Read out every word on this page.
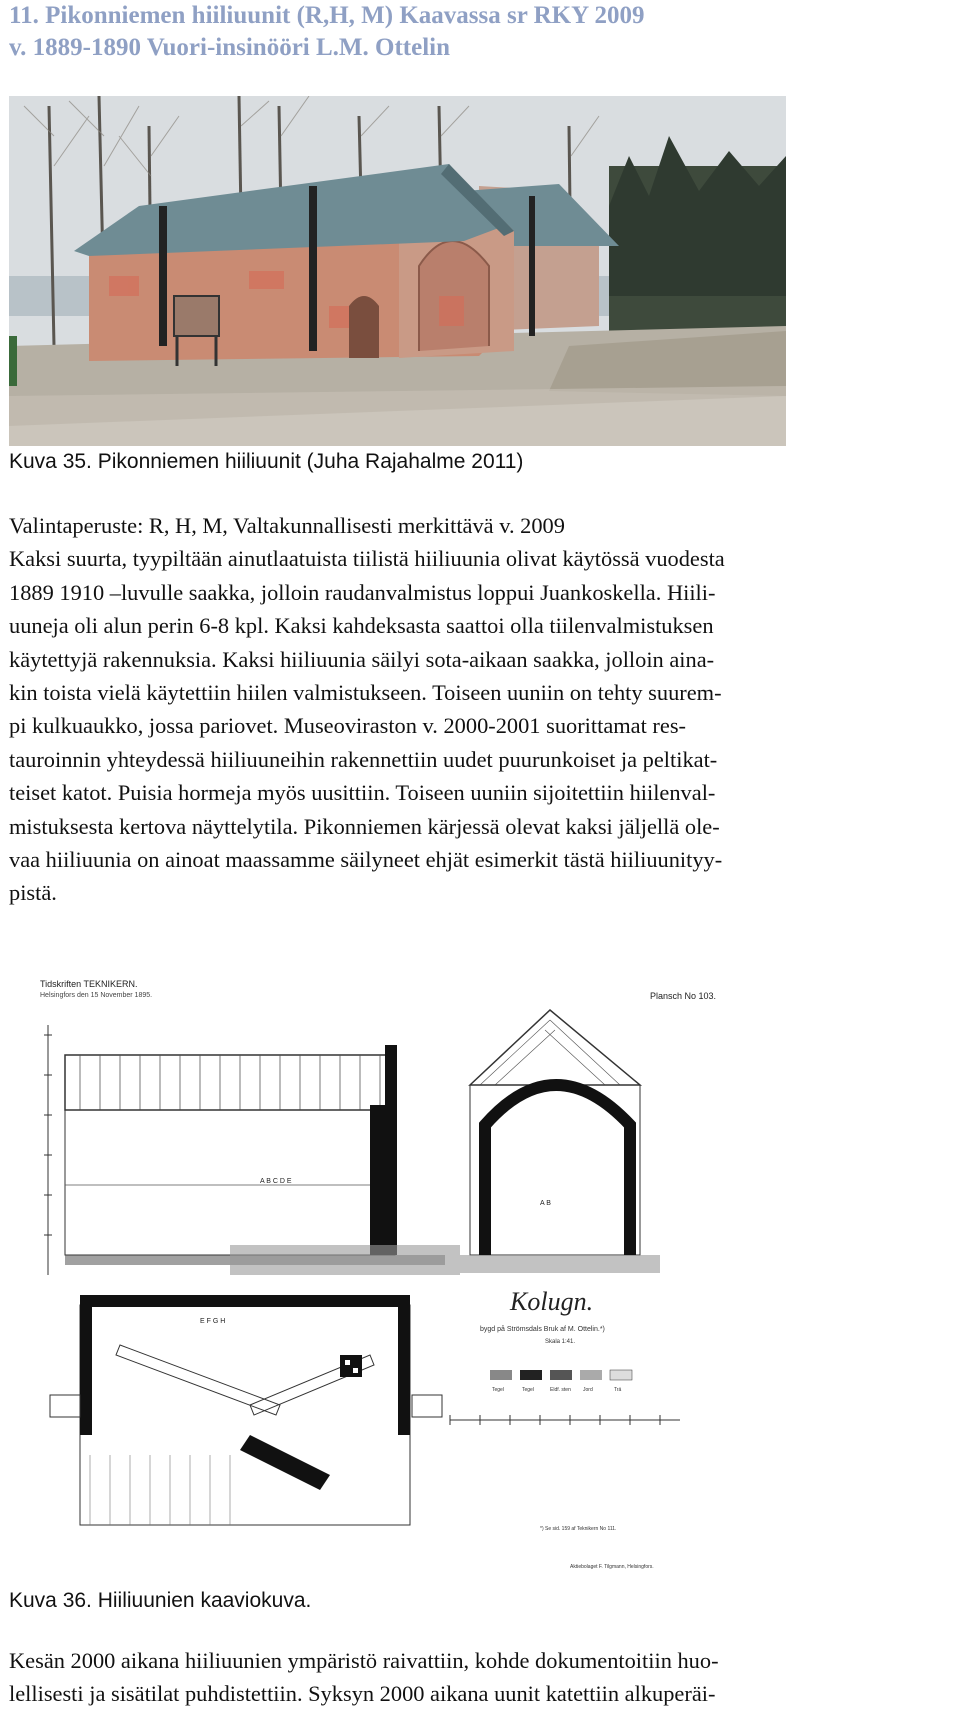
11. Pikonniemen hiiliuunit (R,H, M) Kaavassa sr RKY 2009
v. 1889-1890 Vuori-insinööri L.M. Ottelin
Kuva 35. Pikonniemen hiiliuunit (Juha Rajahalme 2011)
Valintaperuste: R, H, M, Valtakunnallisesti merkittävä v. 2009
Kaksi suurta, tyypiltään ainutlaatuista tiilistä hiiliuunia olivat käytössä vuodesta
1889 1910 –luvulle saakka, jolloin raudanvalmistus loppui Juankoskella. Hiili-
uuneja oli alun perin 6-8 kpl. Kaksi kahdeksasta saattoi olla tiilenvalmistuksen
käytettyjä rakennuksia. Kaksi hiiliuunia säilyi sota-aikaan saakka, jolloin aina-
kin toista vielä käytettiin hiilen valmistukseen. Toiseen uuniin on tehty suurem-
pi kulkuaukko, jossa pariovet. Museoviraston v. 2000-2001 suorittamat res-
tauroinnin yhteydessä hiiliuuneihin rakennettiin uudet puurunkoiset ja peltikat-
teiset katot. Puisia hormeja myös uusittiin. Toiseen uuniin sijoitettiin hiilenval-
mistuksesta kertova näyttelytila. Pikonniemen kärjessä olevat kaksi jäljellä ole-
vaa hiiliuunia on ainoat maassamme säilyneet ehjät esimerkit tästä hiiliuunityy-
pistä.
Tidskriften TEKNIKERN.
Helsingfors den 15 November 1895.	Plansch No 103.
A B C D E
A B
E F G H
Kolugn.
bygd på Strömsdals Bruk af M. Ottelin.*)
Skala 1:41.
Tegel	Tegel	Eldf. sten Jord	Trä
*) Se sid. 159 af Teknikern No 111.
Aktiebolaget F. Tilgmann, Helsingfors.
Kuva 36. Hiiliuunien kaaviokuva.
Kesän 2000 aikana hiiliuunien ympäristö raivattiin, kohde dokumentoitiin huo-
lellisesti ja sisätilat puhdistettiin. Syksyn 2000 aikana uunit katettiin alkuperäi-
